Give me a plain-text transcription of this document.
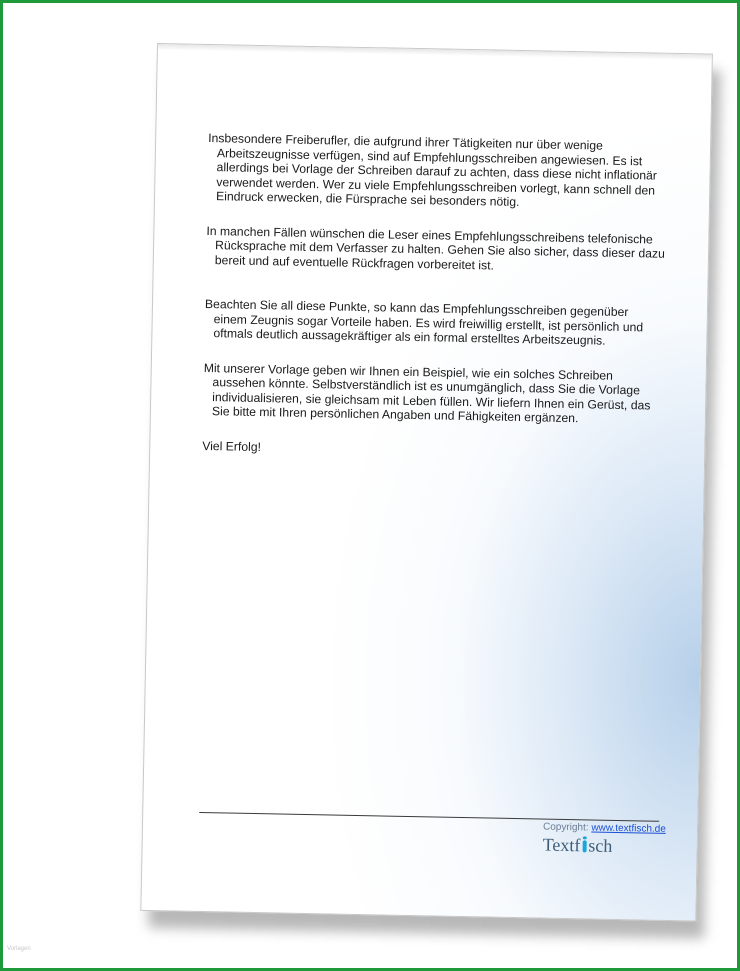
Insbesondere Freiberufler, die aufgrund ihrer Tätigkeiten nur über wenige Arbeitszeugnisse verfügen, sind auf Empfehlungsschreiben angewiesen. Es ist allerdings bei Vorlage der Schreiben darauf zu achten, dass diese nicht inflationär verwendet werden. Wer zu viele Empfehlungsschreiben vorlegt, kann schnell den Eindruck erwecken, die Fürsprache sei besonders nötig.

In manchen Fällen wünschen die Leser eines Empfehlungsschreibens telefonische Rücksprache mit dem Verfasser zu halten. Gehen Sie also sicher, dass dieser dazu bereit und auf eventuelle Rückfragen vorbereitet ist.

Beachten Sie all diese Punkte, so kann das Empfehlungsschreiben gegenüber einem Zeugnis sogar Vorteile haben. Es wird freiwillig erstellt, ist persönlich und oftmals deutlich aussagekräftiger als ein formal erstelltes Arbeitszeugnis.

Mit unserer Vorlage geben wir Ihnen ein Beispiel, wie ein solches Schreiben aussehen könnte. Selbstverständlich ist es unumgänglich, dass Sie die Vorlage individualisieren, sie gleichsam mit Leben füllen. Wir liefern Ihnen ein Gerüst, das Sie bitte mit Ihren persönlichen Angaben und Fähigkeiten ergänzen.

Viel Erfolg!

Copyright: www.textfisch.de
Textf sch
Vorlagen
